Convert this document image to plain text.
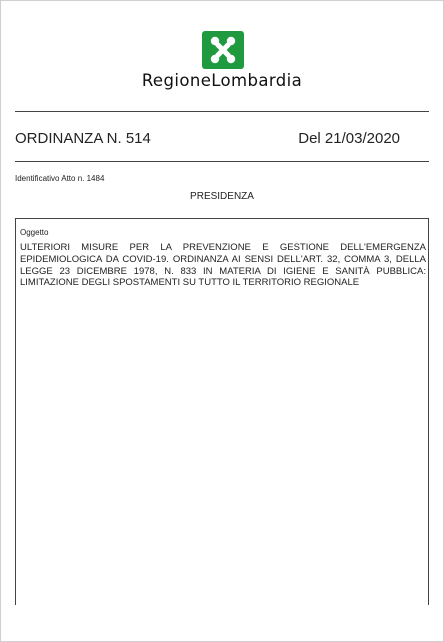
RegioneLombardia
ORDINANZA N. 514	Del 21/03/2020
Identificativo Atto n. 1484
PRESIDENZA
Oggetto
ULTERIORI MISURE PER LA PREVENZIONE E GESTIONE DELL'EMERGENZA EPIDEMIOLOGICA DA COVID-19. ORDINANZA AI SENSI DELL'ART. 32, COMMA 3, DELLA LEGGE 23 DICEMBRE 1978, N. 833 IN MATERIA DI IGIENE E SANITÀ PUBBLICA: LIMITAZIONE DEGLI SPOSTAMENTI SU TUTTO IL TERRITORIO REGIONALE
